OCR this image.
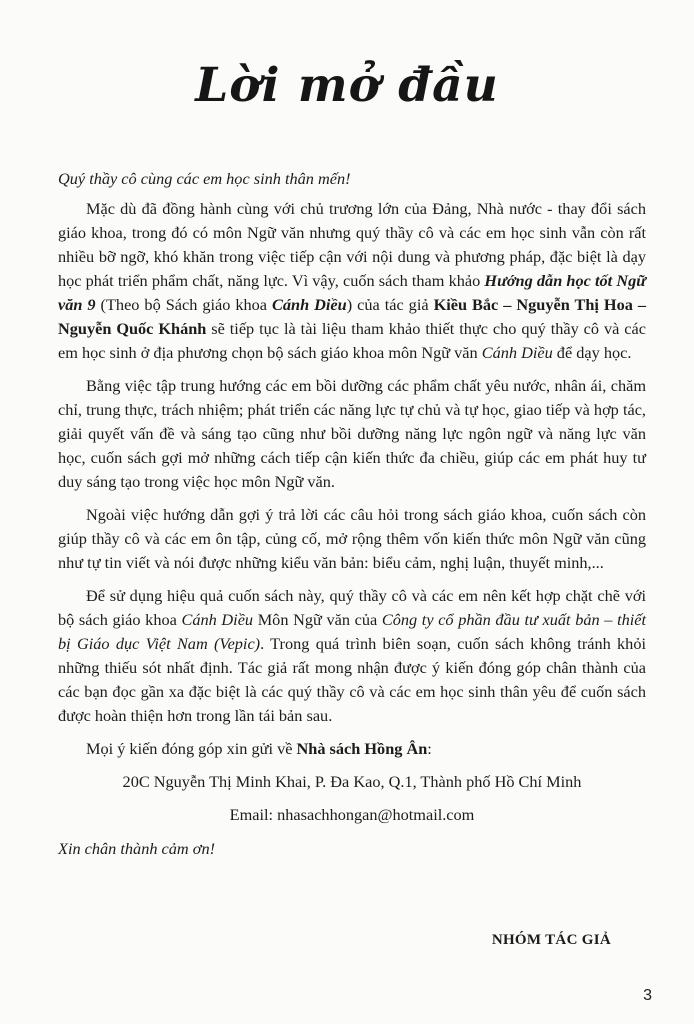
Lời mở đầu

Quý thầy cô cùng các em học sinh thân mến!

Mặc dù đã đồng hành cùng với chủ trương lớn của Đảng, Nhà nước - thay đổi sách giáo khoa, trong đó có môn Ngữ văn nhưng quý thầy cô và các em học sinh vẫn còn rất nhiều bỡ ngỡ, khó khăn trong việc tiếp cận với nội dung và phương pháp, đặc biệt là dạy học phát triển phẩm chất, năng lực. Vì vậy, cuốn sách tham khảo Hướng dẫn học tốt Ngữ văn 9 (Theo bộ Sách giáo khoa Cánh Diều) của tác giả Kiều Bắc – Nguyễn Thị Hoa – Nguyễn Quốc Khánh sẽ tiếp tục là tài liệu tham khảo thiết thực cho quý thầy cô và các em học sinh ở địa phương chọn bộ sách giáo khoa môn Ngữ văn Cánh Diều để dạy học.

Bằng việc tập trung hướng các em bồi dưỡng các phẩm chất yêu nước, nhân ái, chăm chỉ, trung thực, trách nhiệm; phát triển các năng lực tự chủ và tự học, giao tiếp và hợp tác, giải quyết vấn đề và sáng tạo cũng như bồi dưỡng năng lực ngôn ngữ và năng lực văn học, cuốn sách gợi mở những cách tiếp cận kiến thức đa chiều, giúp các em phát huy tư duy sáng tạo trong việc học môn Ngữ văn.

Ngoài việc hướng dẫn gợi ý trả lời các câu hỏi trong sách giáo khoa, cuốn sách còn giúp thầy cô và các em ôn tập, củng cố, mở rộng thêm vốn kiến thức môn Ngữ văn cũng như tự tin viết và nói được những kiểu văn bản: biểu cảm, nghị luận, thuyết minh,...

Để sử dụng hiệu quả cuốn sách này, quý thầy cô và các em nên kết hợp chặt chẽ với bộ sách giáo khoa Cánh Diều Môn Ngữ văn của Công ty cổ phần đầu tư xuất bản – thiết bị Giáo dục Việt Nam (Vepic). Trong quá trình biên soạn, cuốn sách không tránh khỏi những thiếu sót nhất định. Tác giả rất mong nhận được ý kiến đóng góp chân thành của các bạn đọc gần xa đặc biệt là các quý thầy cô và các em học sinh thân yêu để cuốn sách được hoàn thiện hơn trong lần tái bản sau.

Mọi ý kiến đóng góp xin gửi về Nhà sách Hồng Ân:

20C Nguyễn Thị Minh Khai, P. Đa Kao, Q.1, Thành phố Hồ Chí Minh

Email: nhasachhongan@hotmail.com

Xin chân thành cảm ơn!

NHÓM TÁC GIẢ
3
